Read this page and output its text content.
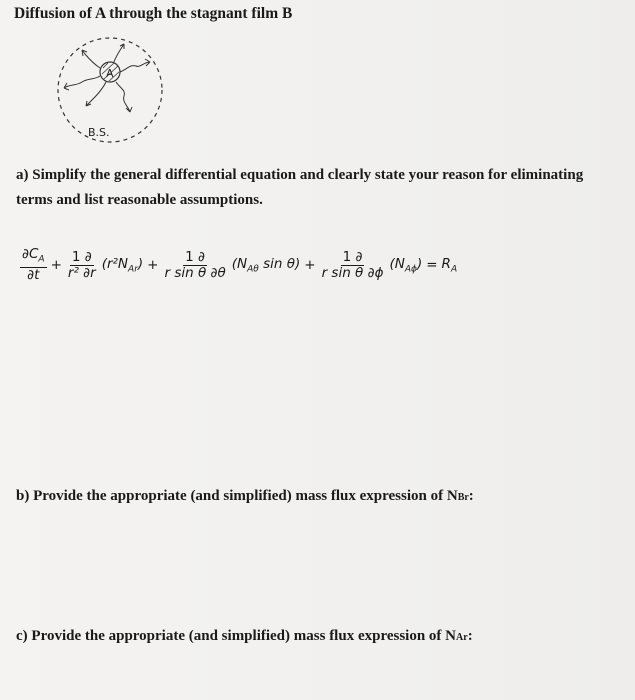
Diffusion of A through the stagnant film B
A
B.S.
a) Simplify the general differential equation and clearly state your reason for eliminating terms and list reasonable assumptions.
$\frac{\partial C_A}{\partial t} + \frac{1 \partial}{\text{r² ∂r}} (r^2N_{Ar}) + \frac{1 \partial}{\text{r sin θ ∂θ}} (N_{A\theta}$ $\sin \theta) + \frac{1 \partial}{\text{r sin θ ∂ϕ}} (N_{A\phi}) = R_A$
b) Provide the appropriate (and simplified) mass flux expression of NBr:
c) Provide the appropriate (and simplified) mass flux expression of NAr:
